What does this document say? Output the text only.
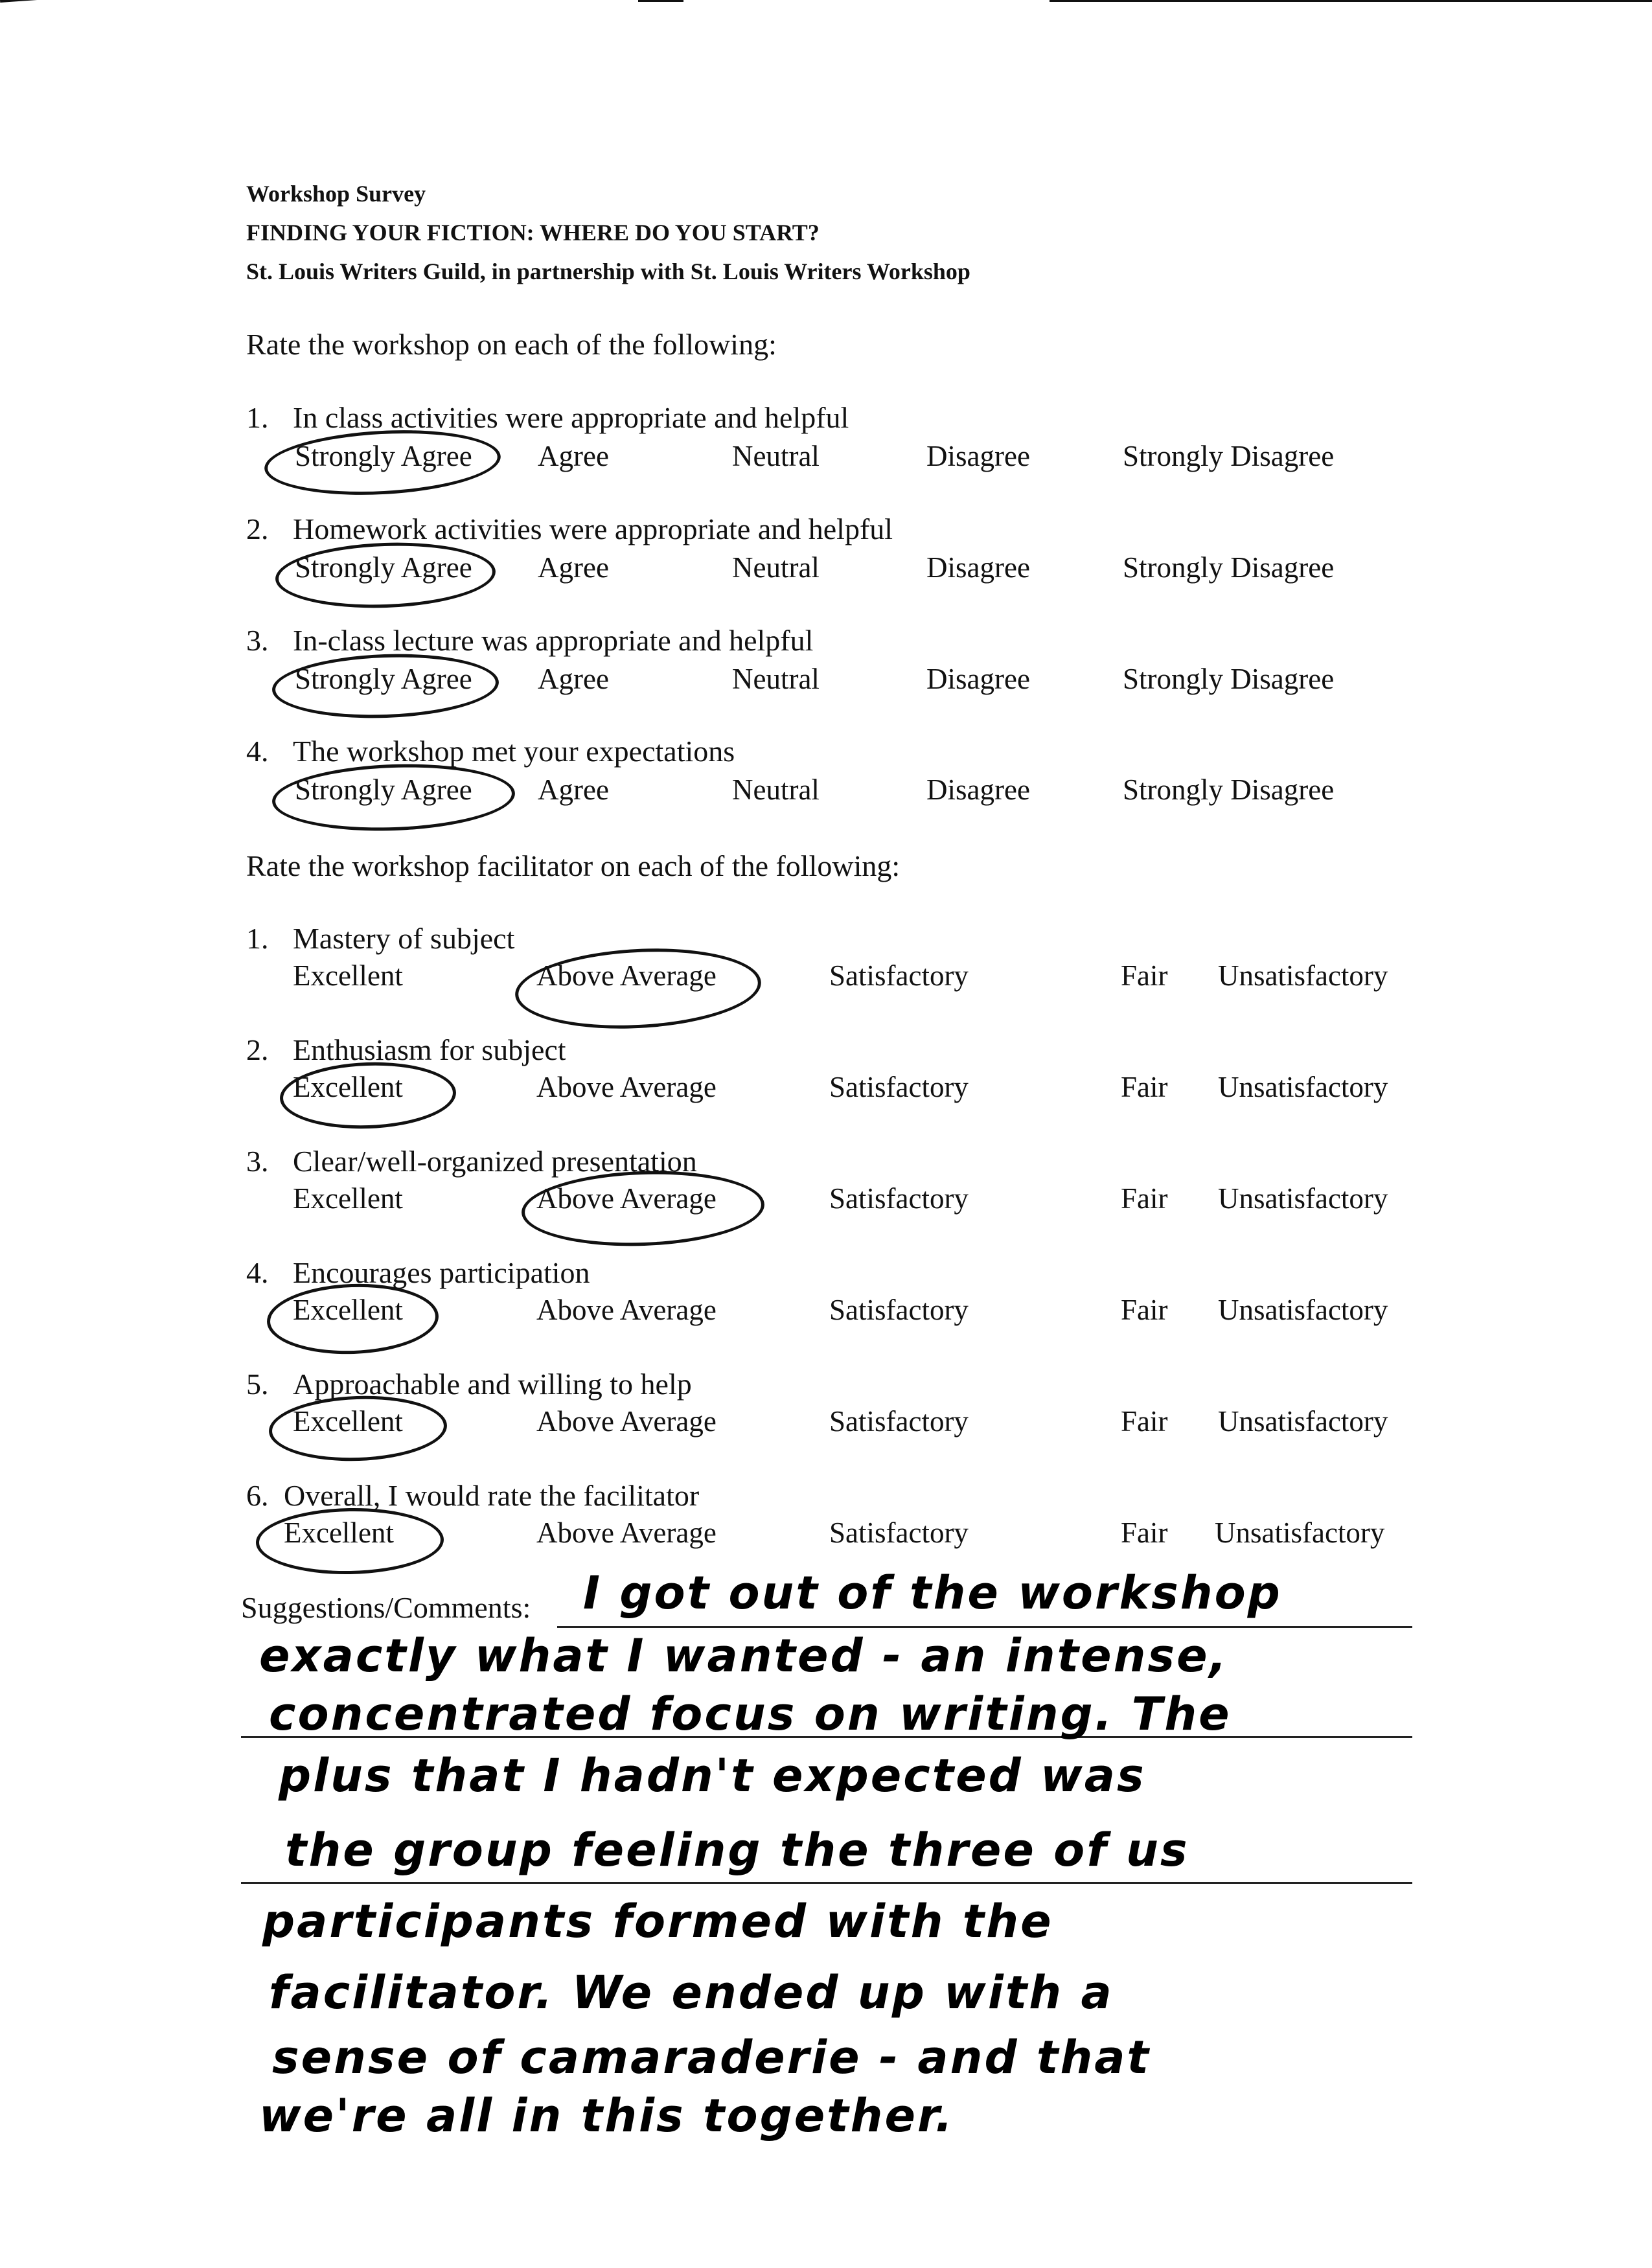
Workshop Survey
FINDING YOUR FICTION: WHERE DO YOU START?
St. Louis Writers Guild, in partnership with St. Louis Writers Workshop
Rate the workshop on each of the following:
1. In class activities were appropriate and helpful
Strongly Agree Agree	Neutral	Disagree	Strongly Disagree
2. Homework activities were appropriate and helpful
Strongly Agree Agree	Neutral	Disagree	Strongly Disagree
3. In-class lecture was appropriate and helpful
Strongly Agree Agree	Neutral	Disagree	Strongly Disagree
4. The workshop met your expectations
Strongly Agree Agree	Neutral	Disagree	Strongly Disagree
Rate the workshop facilitator on each of the following:
1. Mastery of subject
Excellent	Above Average	Satisfactory	Fair Unsatisfactory
2. Enthusiasm for subject
Excellent	Above Average	Satisfactory	Fair Unsatisfactory
3. Clear/well-organized presentation
Excellent	Above Average	Satisfactory	Fair Unsatisfactory
4. Encourages participation
Excellent	Above Average	Satisfactory	Fair Unsatisfactory
5. Approachable and willing to help
Excellent	Above Average	Satisfactory	Fair Unsatisfactory
6. Overall, I would rate the facilitator
Excellent	Above Average	Satisfactory	Fair Unsatisfactory
Suggestions/Comments: I got out of the workshop
exactly what I wanted - an intense,
concentrated focus on writing. The
plus that I hadn't expected was
the group feeling the three of us
participants formed with the
facilitator. We ended up with a
sense of camaraderie - and that
we're all in this together.
